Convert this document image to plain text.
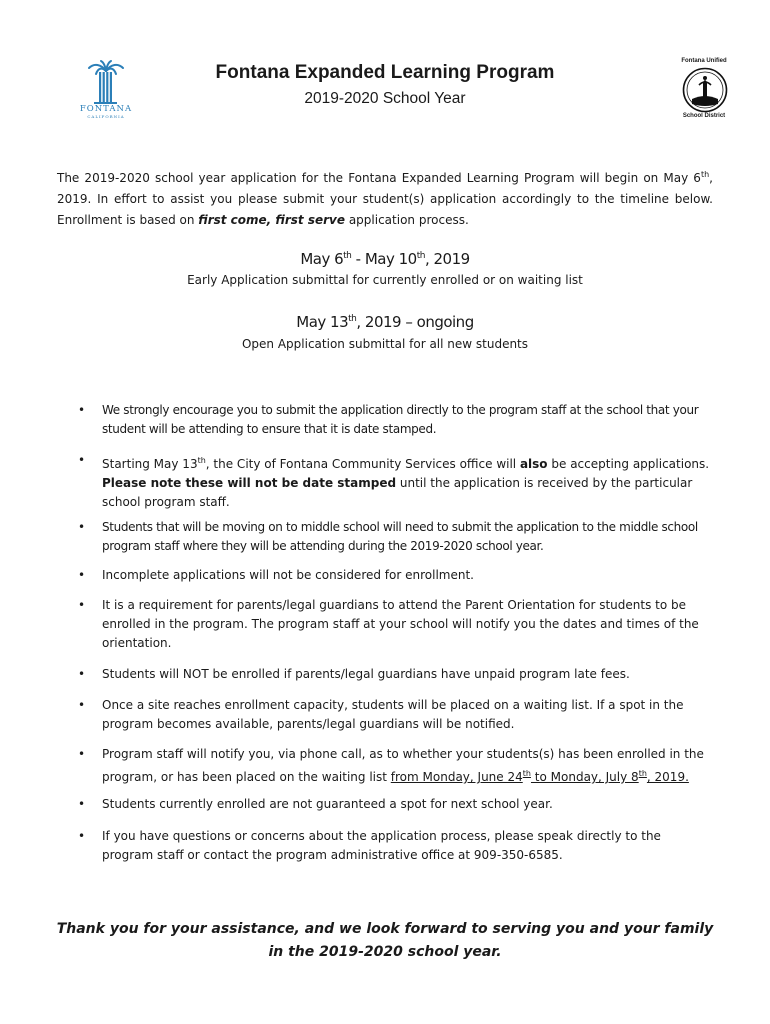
FONTANA
CALIFORNIA
Fontana Expanded Learning Program
2019-2020 School Year
Fontana Unified
School District

The 2019-2020 school year application for the Fontana Expanded Learning Program will begin on May 6th, 2019. In effort to assist you please submit your student(s) application accordingly to the timeline below. Enrollment is based on first come, first serve application process.

May 6th - May 10th, 2019
Early Application submittal for currently enrolled or on waiting list
May 13th, 2019 – ongoing
Open Application submittal for all new students
• We strongly encourage you to submit the application directly to the program staff at the school that your student will be attending to ensure that it is date stamped.
• Starting May 13th, the City of Fontana Community Services office will also be accepting applications. Please note these will not be date stamped until the application is received by the particular school program staff.
• Students that will be moving on to middle school will need to submit the application to the middle school program staff where they will be attending during the 2019-2020 school year.
• Incomplete applications will not be considered for enrollment.
• It is a requirement for parents/legal guardians to attend the Parent Orientation for students to be enrolled in the program. The program staff at your school will notify you the dates and times of the orientation.
• Students will NOT be enrolled if parents/legal guardians have unpaid program late fees.
• Once a site reaches enrollment capacity, students will be placed on a waiting list. If a spot in the program becomes available, parents/legal guardians will be notified.
• Program staff will notify you, via phone call, as to whether your students(s) has been enrolled in the program, or has been placed on the waiting list from Monday, June 24th to Monday, July 8th, 2019.
• Students currently enrolled are not guaranteed a spot for next school year.
• If you have questions or concerns about the application process, please speak directly to the program staff or contact the program administrative office at 909-350-6585.
Thank you for your assistance, and we look forward to serving you and your family
in the 2019-2020 school year.
